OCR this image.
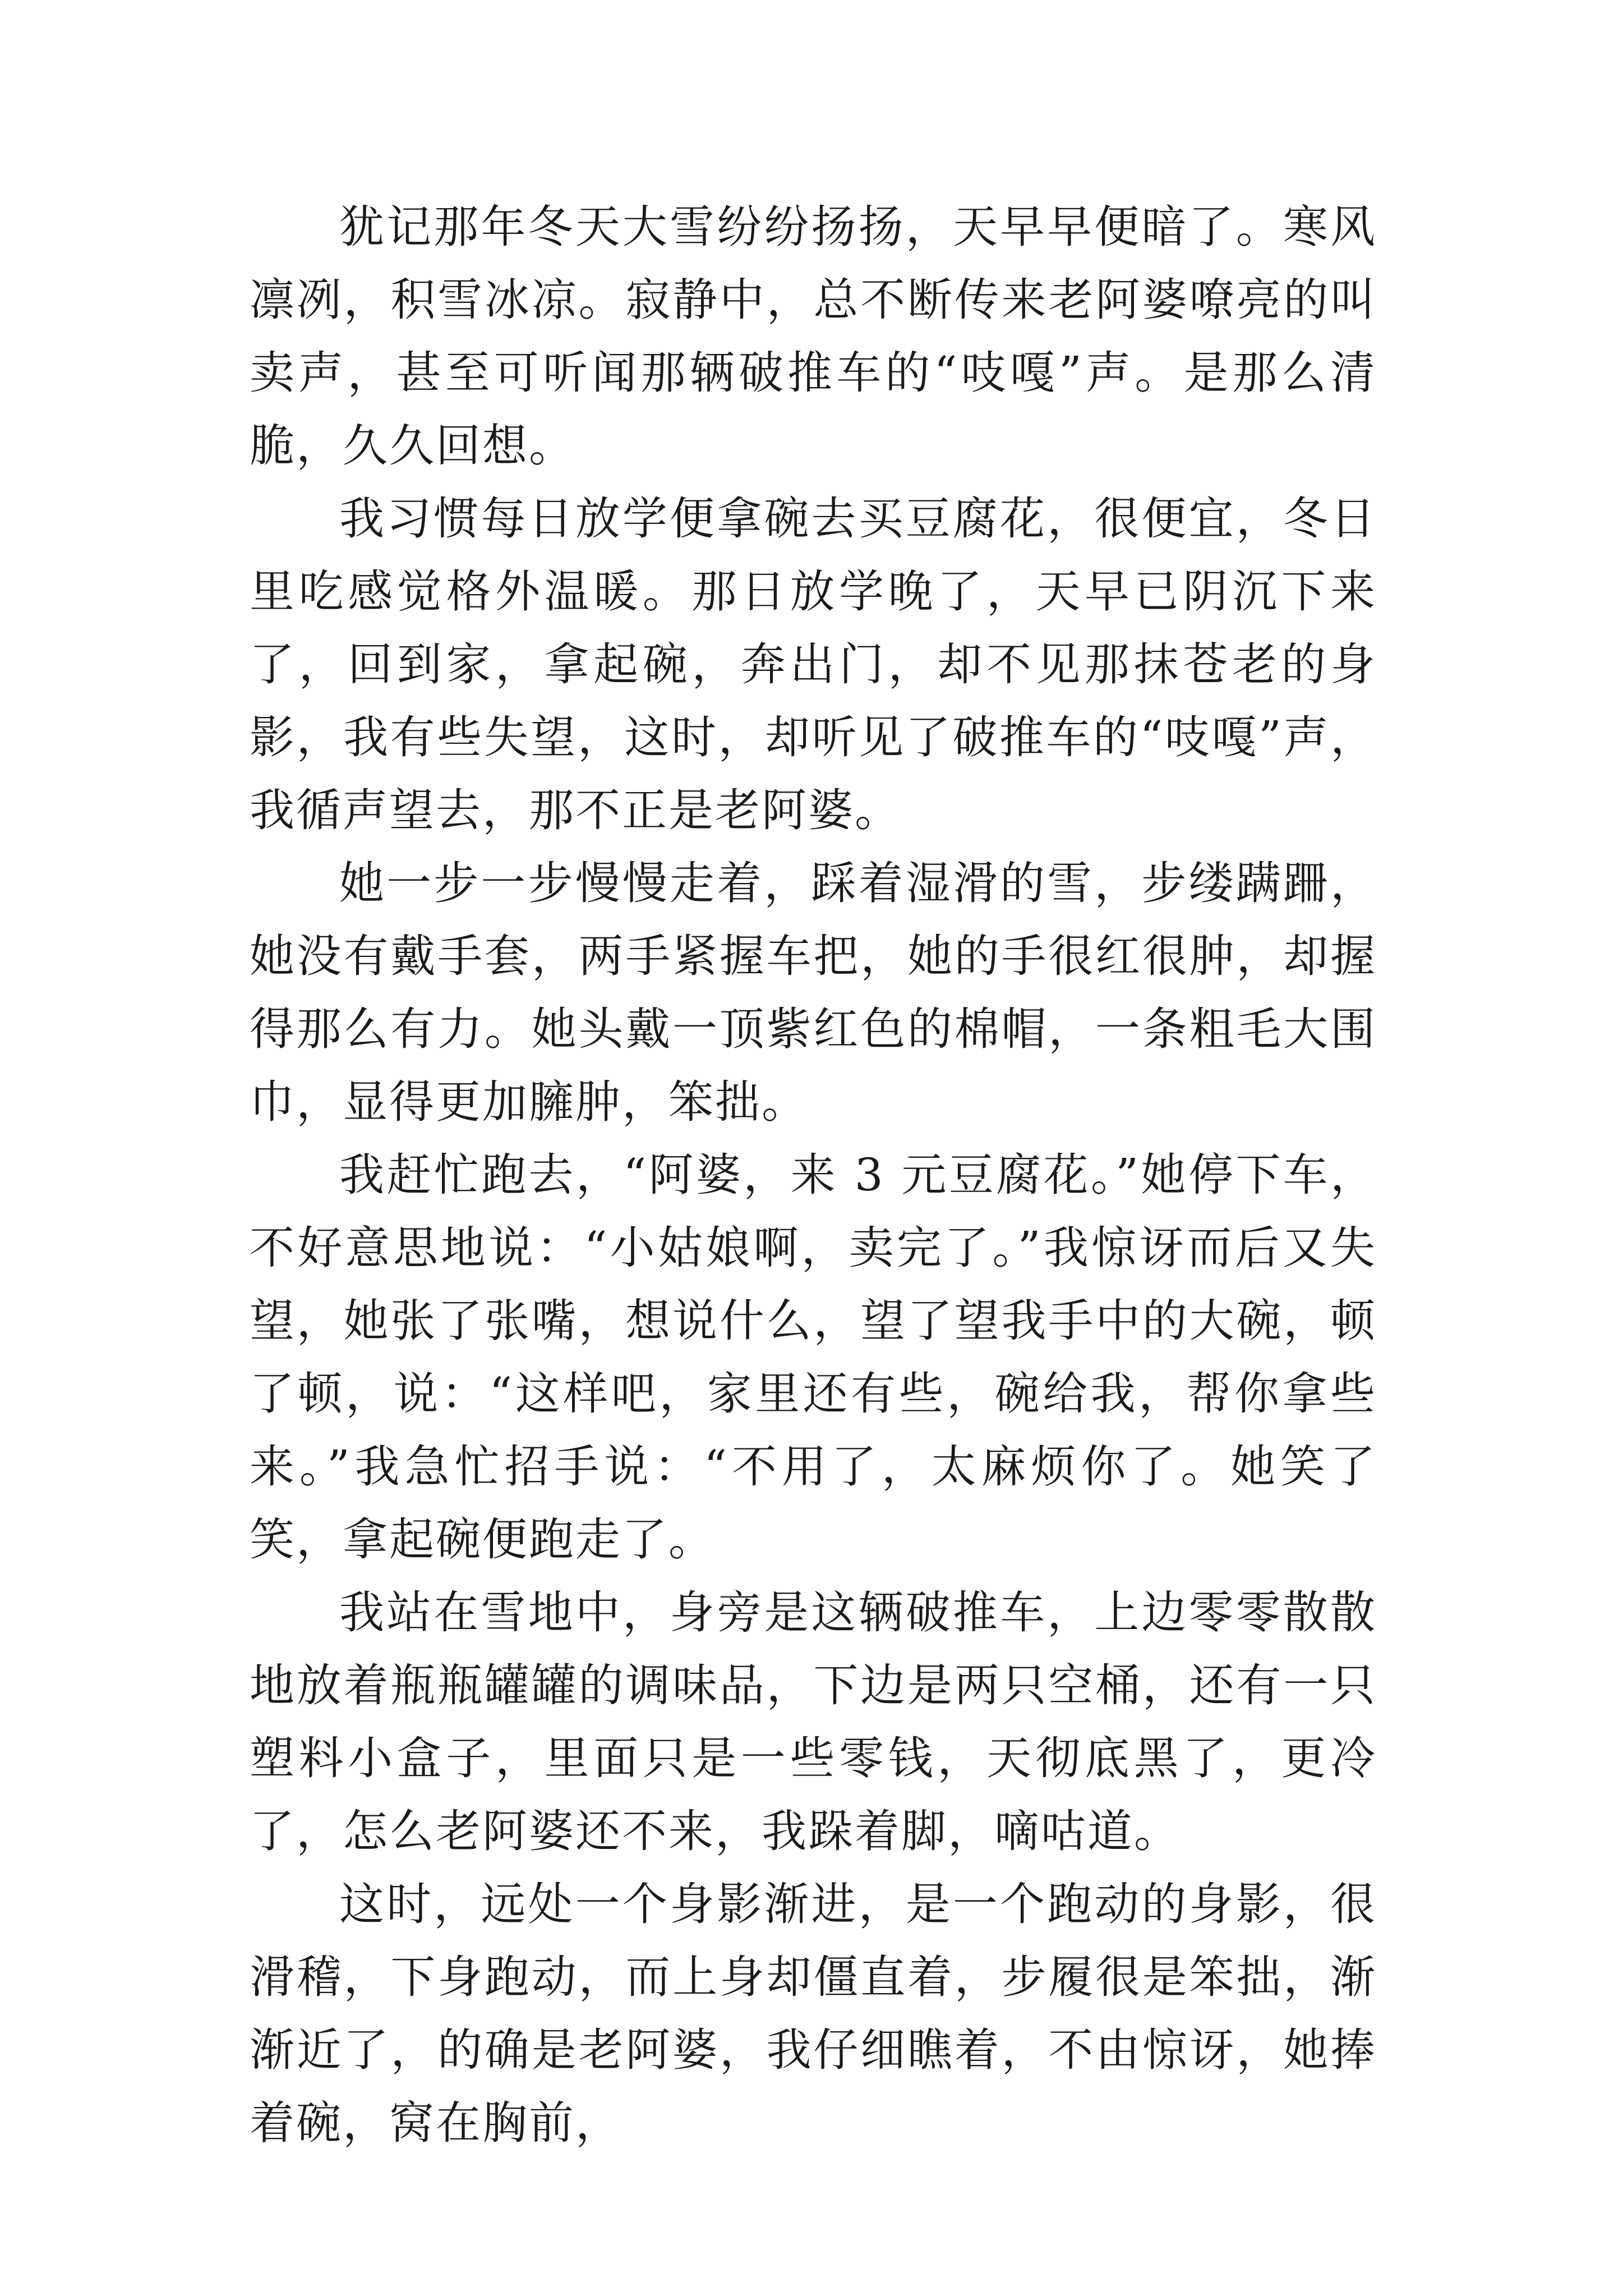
犹记那年冬天大雪纷纷扬扬，天早早便暗了。寒风凛冽，积雪冰凉。寂静中，总不断传来老阿婆嘹亮的叫卖声，甚至可听闻那辆破推车的“吱嘎”声。是那么清脆，久久回想。

我习惯每日放学便拿碗去买豆腐花，很便宜，冬日里吃感觉格外温暖。那日放学晚了，天早已阴沉下来了，回到家，拿起碗，奔出门，却不见那抹苍老的身影，我有些失望，这时，却听见了破推车的“吱嘎”声，我循声望去，那不正是老阿婆。

她一步一步慢慢走着，踩着湿滑的雪，步缕蹒跚，她没有戴手套，两手紧握车把，她的手很红很肿，却握得那么有力。她头戴一顶紫红色的棉帽，一条粗毛大围巾，显得更加臃肿，笨拙。

我赶忙跑去，“阿婆，来 3 元豆腐花。”她停下车，不好意思地说：“小姑娘啊，卖完了。”我惊讶而后又失望，她张了张嘴，想说什么，望了望我手中的大碗，顿了顿，说：“这样吧，家里还有些，碗给我，帮你拿些来。”我急忙招手说：“不用了，太麻烦你了。她笑了笑，拿起碗便跑走了。

我站在雪地中，身旁是这辆破推车，上边零零散散地放着瓶瓶罐罐的调味品，下边是两只空桶，还有一只塑料小盒子，里面只是一些零钱，天彻底黑了，更冷了，怎么老阿婆还不来，我跺着脚，嘀咕道。

这时，远处一个身影渐进，是一个跑动的身影，很滑稽，下身跑动，而上身却僵直着，步履很是笨拙，渐渐近了，的确是老阿婆，我仔细瞧着，不由惊讶，她捧着碗，窝在胸前，
